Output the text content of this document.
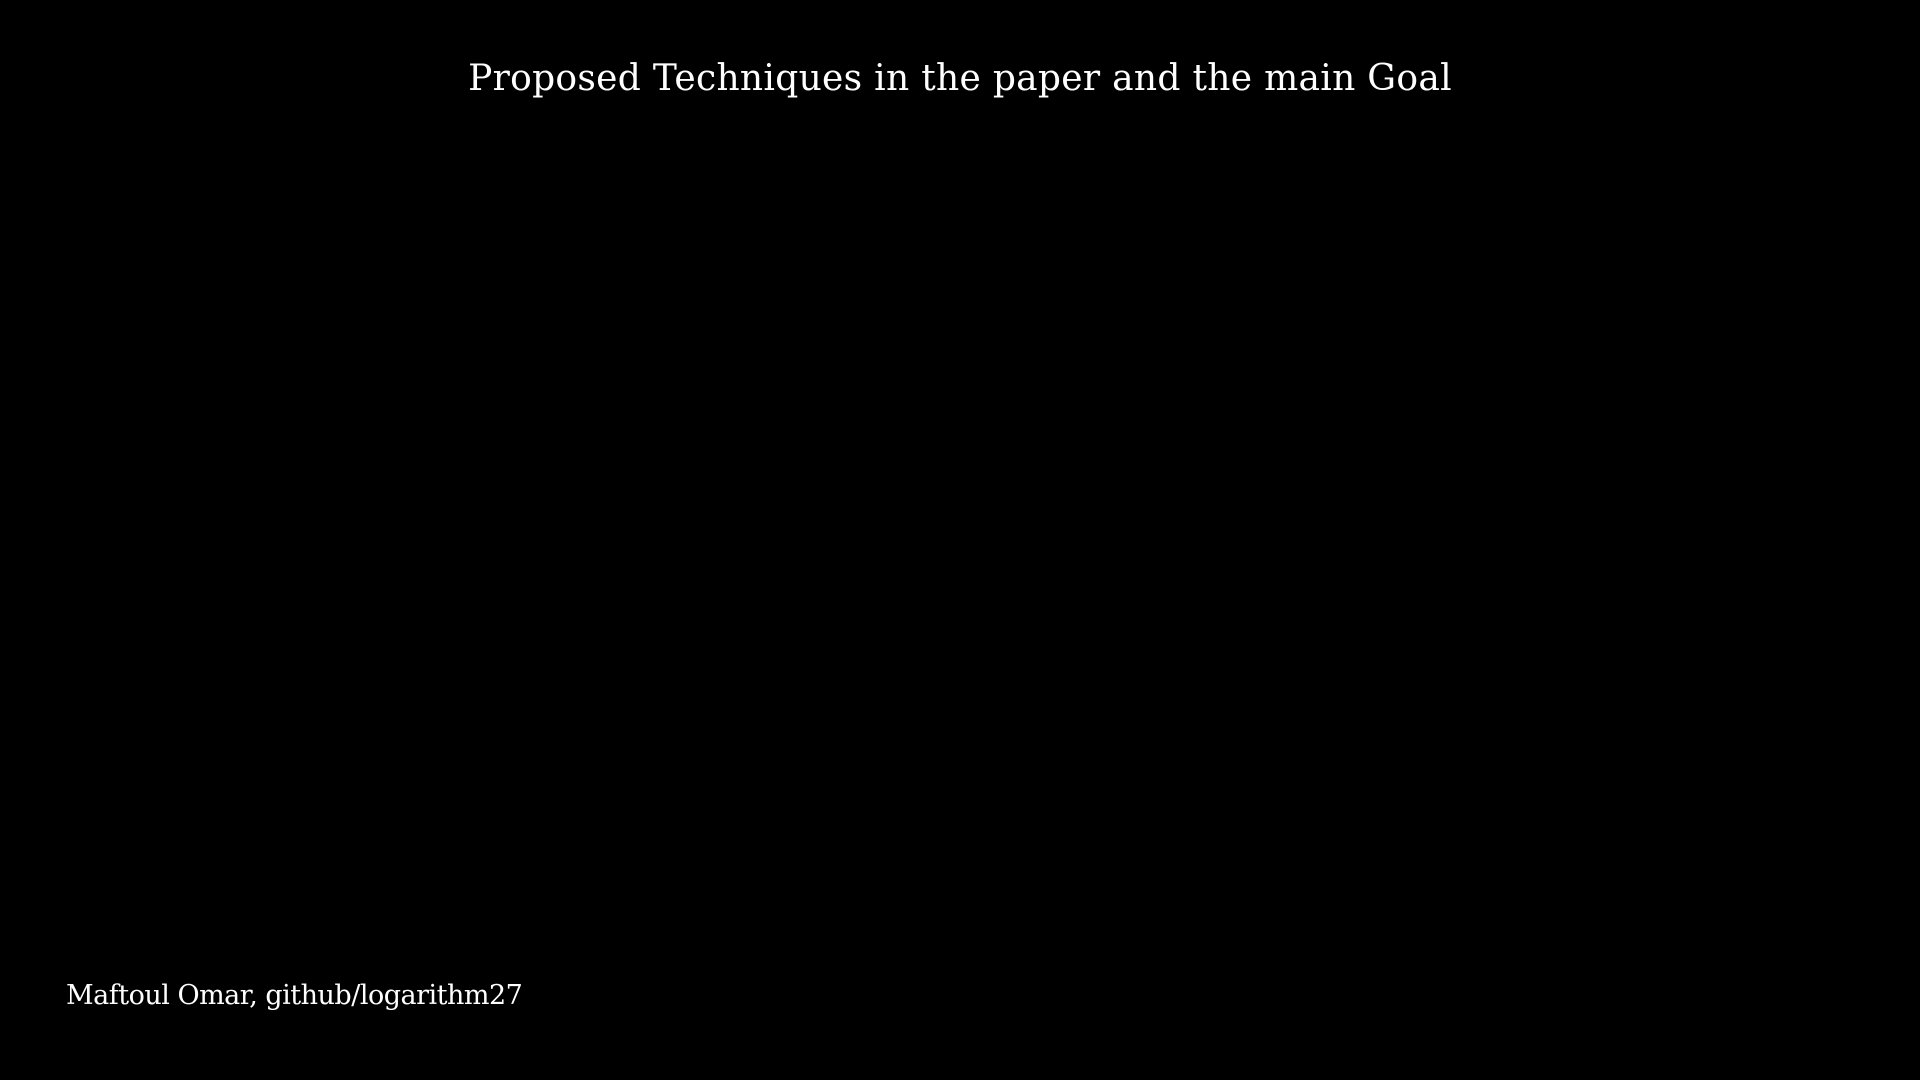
Proposed Techniques in the paper and the main Goal
Maftoul Omar, github/logarithm27
